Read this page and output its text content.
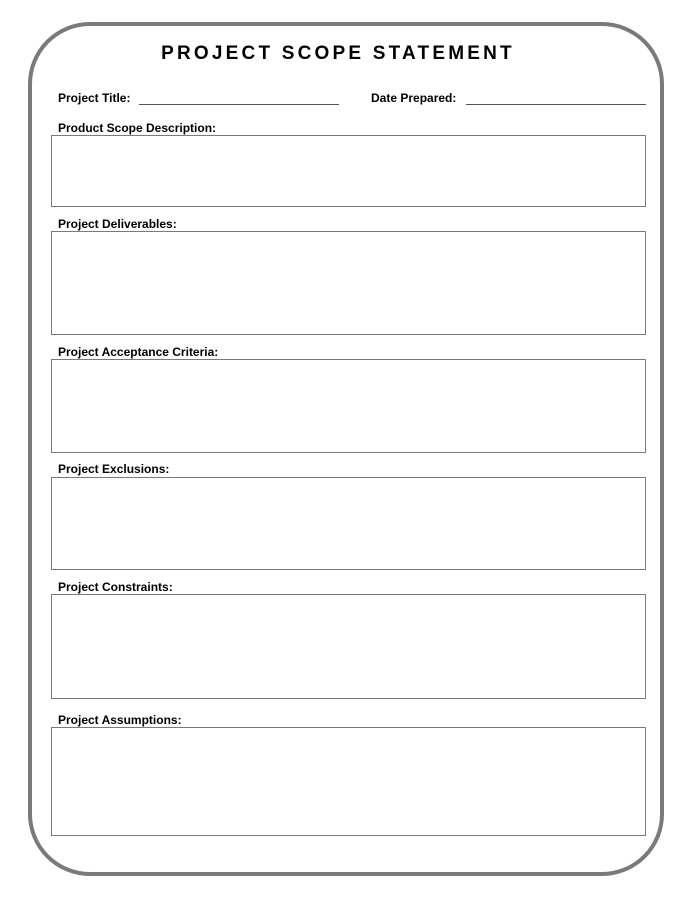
PROJECT SCOPE STATEMENT
Project Title:	Date Prepared:
Product Scope Description:
Project Deliverables:
Project Acceptance Criteria:
Project Exclusions:
Project Constraints:
Project Assumptions:
